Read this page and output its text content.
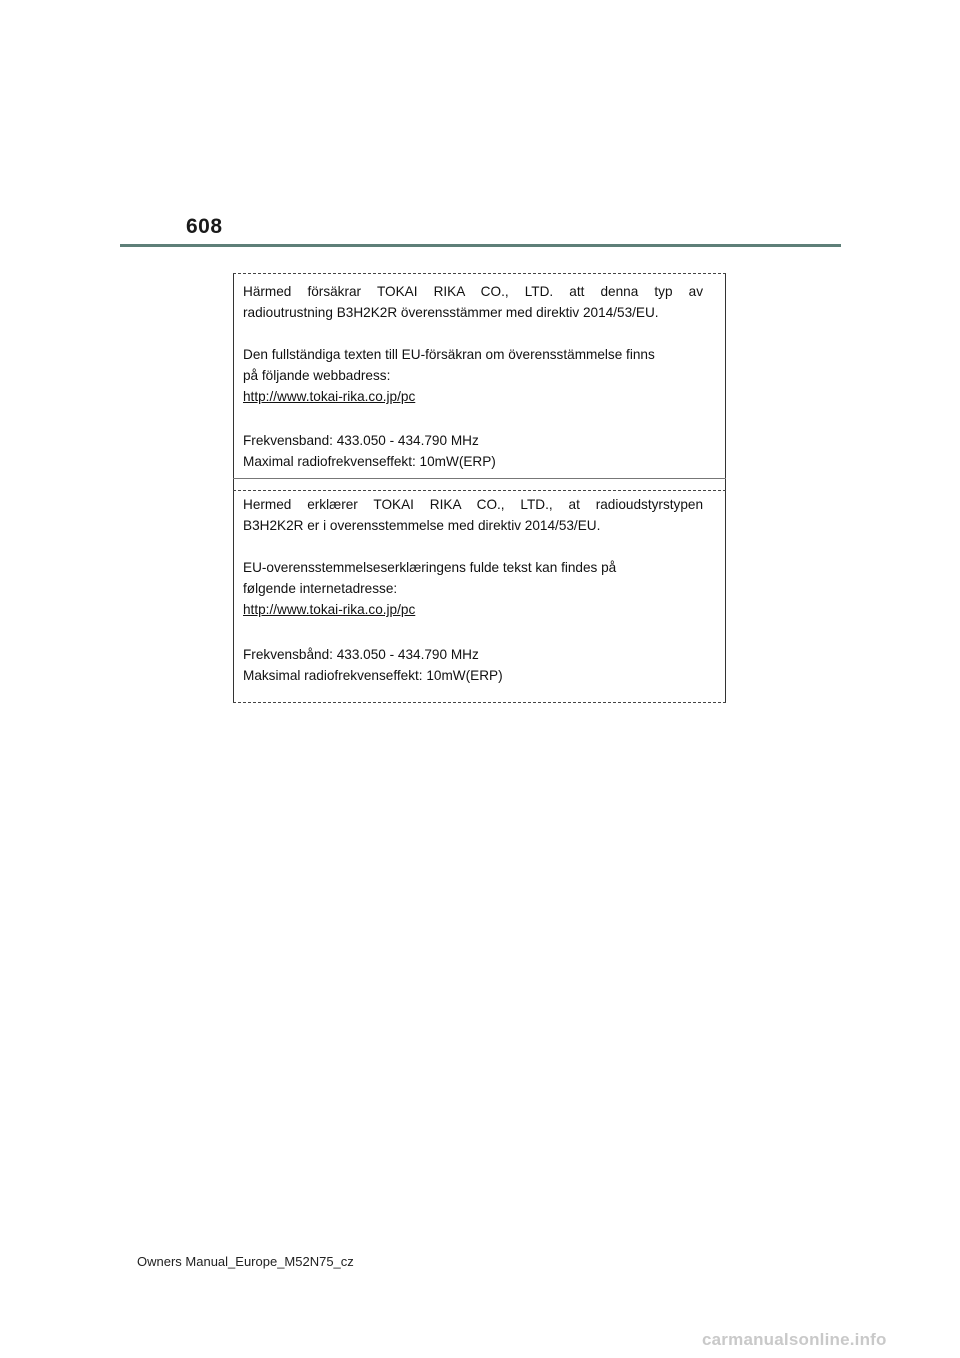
608

Härmed försäkrar TOKAI RIKA CO., LTD. att denna typ av

radioutrustning B3H2K2R överensstämmer med direktiv 2014/53/EU.

Den fullständiga texten till EU-försäkran om överensstämmelse finns

på följande webbadress:

http://www.tokai-rika.co.jp/pc

Frekvensband: 433.050 - 434.790 MHz

Maximal radiofrekvenseffekt: 10mW(ERP)

Hermed erklærer TOKAI RIKA CO., LTD., at radioudstyrstypen

B3H2K2R er i overensstemmelse med direktiv 2014/53/EU.

EU-overensstemmelseserklæringens fulde tekst kan findes på

følgende internetadresse:

http://www.tokai-rika.co.jp/pc

Frekvensbånd: 433.050 - 434.790 MHz

Maksimal radiofrekvenseffekt: 10mW(ERP)

Owners Manual_Europe_M52N75_cz
carmanualsonline.info
